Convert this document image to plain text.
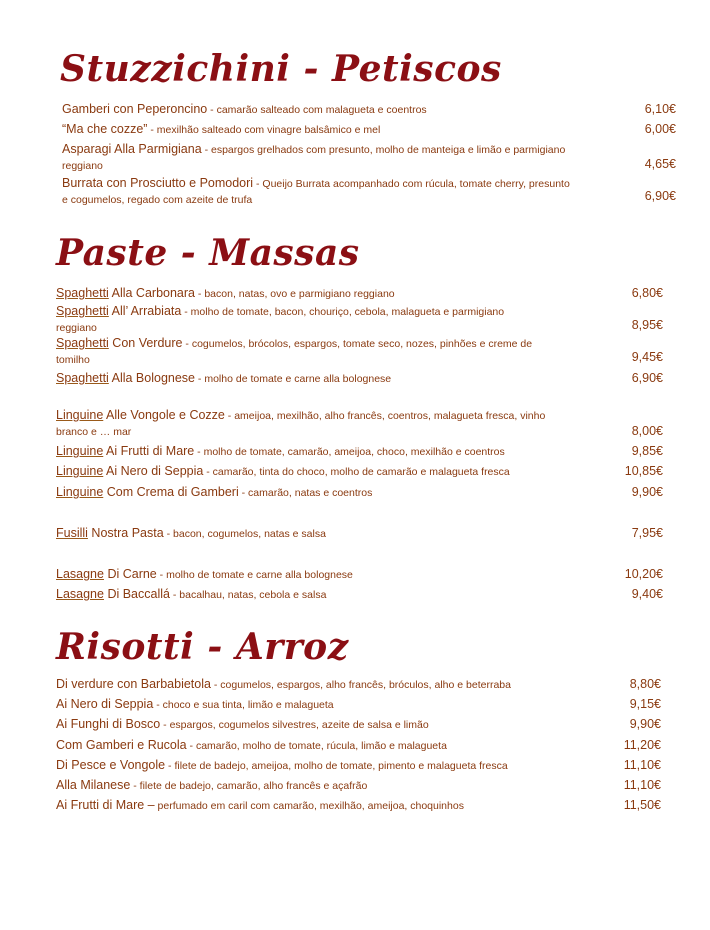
Stuzzichini - Petiscos
Gamberi con Peperoncino - camarão salteado com malagueta e coentros	6,10€
“Ma che cozze” - mexilhão salteado com vinagre balsâmico e mel	6,00€
Asparagi Alla Parmigiana - espargos grelhados com presunto, molho de manteiga e limão e parmigiano reggiano	4,65€
Burrata con Prosciutto e Pomodori - Queijo Burrata acompanhado com rúcula, tomate cherry, presunto e cogumelos, regado com azeite de trufa	6,90€
Paste - Massas
Spaghetti Alla Carbonara - bacon, natas, ovo e parmigiano reggiano	6,80€
Spaghetti All’ Arrabiata - molho de tomate, bacon, chouriço, cebola, malagueta e parmigiano reggiano	8,95€
Spaghetti Con Verdure - cogumelos, brócolos, espargos, tomate seco, nozes, pinhões e creme de tomilho	9,45€
Spaghetti Alla Bolognese - molho de tomate e carne alla bolognese	6,90€
Linguine Alle Vongole e Cozze - ameijoa, mexilhão, alho francês, coentros, malagueta fresca, vinho branco e … mar	8,00€
Linguine Ai Frutti di Mare - molho de tomate, camarão, ameijoa, choco, mexilhão e coentros	9,85€
Linguine Ai Nero di Seppia - camarão, tinta do choco, molho de camarão e malagueta fresca	10,85€
Linguine Com Crema di Gamberi - camarão, natas e coentros	9,90€
Fusilli Nostra Pasta - bacon, cogumelos, natas e salsa	7,95€
Lasagne Di Carne - molho de tomate e carne alla bolognese	10,20€
Lasagne Di Baccallá - bacalhau, natas, cebola e salsa	9,40€
Risotti - Arroz
Di verdure con Barbabietola - cogumelos, espargos, alho francês, bróculos, alho e beterraba	8,80€
Ai Nero di Seppia - choco e sua tinta, limão e malagueta	9,15€
Ai Funghi di Bosco - espargos, cogumelos silvestres, azeite de salsa e limão	9,90€
Com Gamberi e Rucola - camarão, molho de tomate, rúcula, limão e malagueta	11,20€
Di Pesce e Vongole - filete de badejo, ameijoa, molho de tomate, pimento e malagueta fresca	11,10€
Alla Milanese - filete de badejo, camarão, alho francês e açafrão	11,10€
Ai Frutti di Mare – perfumado em caril com camarão, mexilhão, ameijoa, choquinhos	11,50€
